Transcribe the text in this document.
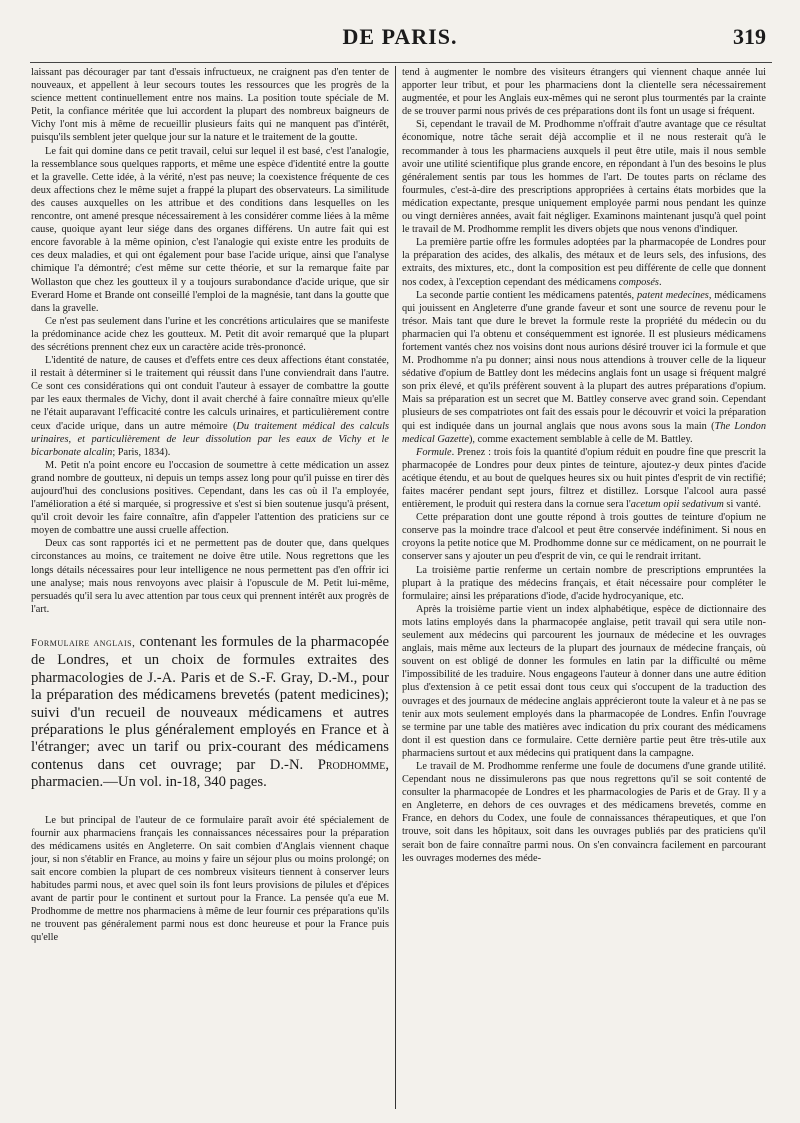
DE PARIS.	319

laissant pas décourager par tant d'essais infructueux, ne craignent pas d'en tenter de nouveaux, et appellent à leur secours toutes les ressources que les progrès de la science mettent continuellement entre nos mains. La position toute spéciale de M. Petit, la confiance méritée que lui accordent la plupart des nombreux baigneurs de Vichy l'ont mis à même de recueillir plusieurs faits qui ne manquent pas d'intérêt, puisqu'ils semblent jeter quelque jour sur la nature et le traitement de la goutte.

Le fait qui domine dans ce petit travail, celui sur lequel il est basé, c'est l'analogie, la ressemblance sous quelques rapports, et même une espèce d'identité entre la goutte et la gravelle. Cette idée, à la vérité, n'est pas neuve; la coexistence fréquente de ces deux affections chez le même sujet a frappé la plupart des observateurs. La similitude des causes auxquelles on les attribue et des conditions dans lesquelles on les rencontre, ont amené presque nécessairement à les considérer comme liées à la même cause, quoique ayant leur siége dans des organes différens. Un autre fait qui est encore favorable à la même opinion, c'est l'analogie qui existe entre les produits de ces deux maladies, et qui ont également pour base l'acide urique, ainsi que l'analyse chimique l'a démontré; c'est même sur cette théorie, et sur la remarque faite par Wollaston que chez les goutteux il y a toujours surabondance d'acide urique, que sir Everard Home et Brande ont conseillé l'emploi de la magnésie, tant dans la goutte que dans la gravelle.

Ce n'est pas seulement dans l'urine et les concrétions articulaires que se manifeste la prédominance acide chez les goutteux. M. Petit dit avoir remarqué que la plupart des sécrétions prennent chez eux un caractère acide très-prononcé.

L'identité de nature, de causes et d'effets entre ces deux affections étant constatée, il restait à déterminer si le traitement qui réussit dans l'une conviendrait dans l'autre. Ce sont ces considérations qui ont conduit l'auteur à essayer de combattre la goutte par les eaux thermales de Vichy, dont il avait cherché à faire connaître mieux qu'elle ne l'était auparavant l'efficacité contre les calculs urinaires, et particulièrement contre ceux d'acide urique, dans un autre mémoire (Du traitement médical des calculs urinaires, et particulièrement de leur dissolution par les eaux de Vichy et le bicarbonate alcalin; Paris, 1834).

M. Petit n'a point encore eu l'occasion de soumettre à cette médication un assez grand nombre de goutteux, ni depuis un temps assez long pour qu'il puisse en tirer dès aujourd'hui des conclusions positives. Cependant, dans les cas où il l'a employée, l'amélioration a été si marquée, si progressive et s'est si bien soutenue jusqu'à présent, qu'il croit devoir les faire connaître, afin d'appeler l'attention des praticiens sur ce moyen de combattre une aussi cruelle affection.

Deux cas sont rapportés ici et ne permettent pas de douter que, dans quelques circonstances au moins, ce traitement ne doive être utile. Nous regrettons que les longs détails nécessaires pour leur intelligence ne nous permettent pas d'en offrir ici une analyse; mais nous renvoyons avec plaisir à l'opuscule de M. Petit lui-même, persuadés qu'il sera lu avec attention par tous ceux qui prennent intérêt aux progrès de l'art.

Formulaire anglais, contenant les formules de la pharmacopée de Londres, et un choix de formules extraites des pharmacologies de J.-A. Paris et de S.-F. Gray, D.-M., pour la préparation des médicamens brevetés (patent medicines); suivi d'un recueil de nouveaux médicamens et autres préparations le plus généralement employés en France et à l'étranger; avec un tarif ou prix-courant des médicamens contenus dans cet ouvrage; par D.-N. Prodhomme, pharmacien.—Un vol. in-18, 340 pages.

Le but principal de l'auteur de ce formulaire paraît avoir été spécialement de fournir aux pharmaciens français les connaissances nécessaires pour la préparation des médicamens usités en Angleterre. On sait combien d'Anglais viennent chaque jour, si non s'établir en France, au moins y faire un séjour plus ou moins prolongé; on sait encore combien la plupart de ces nombreux visiteurs tiennent à conserver leurs habitudes parmi nous, et avec quel soin ils font leurs provisions de pilules et d'épices avant de partir pour le continent et surtout pour la France. La pensée qu'a eue M. Prodhomme de mettre nos pharmaciens à même de leur fournir ces préparations qu'ils ne trouvent pas généralement parmi nous est donc heureuse et pour la France puis qu'elle

tend à augmenter le nombre des visiteurs étrangers qui viennent chaque année lui apporter leur tribut, et pour les pharmaciens dont la clientelle sera nécessairement augmentée, et pour les Anglais eux-mêmes qui ne seront plus tourmentés par la crainte de se trouver parmi nous privés de ces préparations dont ils font un usage si fréquent.

Si, cependant le travail de M. Prodhomme n'offrait d'autre avantage que ce résultat économique, notre tâche serait déjà accomplie et il ne nous resterait qu'à le recommander à tous les pharmaciens auxquels il peut être utile, mais il nous semble avoir une utilité scientifique plus grande encore, en répondant à l'un des besoins le plus généralement sentis par tous les hommes de l'art. De toutes parts on réclame des fourmules, c'est-à-dire des prescriptions appropriées à certains états morbides que la médication expectante, presque uniquement employée parmi nous pendant les quinze ou vingt dernières années, avait fait négliger. Examinons maintenant jusqu'à quel point le travail de M. Prodhomme remplit les divers objets que nous venons d'indiquer.

La première partie offre les formules adoptées par la pharmacopée de Londres pour la préparation des acides, des alkalis, des métaux et de leurs sels, des infusions, des extraits, des mixtures, etc., dont la composition est peu différente de celle que donnent nos codex, à l'exception cependant des médicamens composés.

La seconde partie contient les médicamens patentés, patent medecines, médicamens qui jouissent en Angleterre d'une grande faveur et sont une source de revenu pour le trésor. Mais tant que dure le brevet la formule reste la propriété du médecin ou du pharmacien qui l'a obtenu et conséquemment est ignorée. Il est plusieurs médicamens fortement vantés chez nos voisins dont nous aurions désiré trouver ici la formule et que M. Prodhomme n'a pu donner; ainsi nous nous attendions à trouver celle de la liqueur sédative d'opium de Battley dont les médecins anglais font un usage si fréquent malgré son prix élevé, et qu'ils préfèrent souvent à la plupart des autres préparations d'opium. Mais sa préparation est un secret que M. Battley conserve avec grand soin. Cependant plusieurs de ses compatriotes ont fait des essais pour le découvrir et voici la préparation qui est indiquée dans un journal anglais que nous avons sous la main (The London medical Gazette), comme exactement semblable à celle de M. Battley.

Formule. Prenez : trois fois la quantité d'opium réduit en poudre fine que prescrit la pharmacopée de Londres pour deux pintes de teinture, ajoutez-y deux pintes d'acide acétique étendu, et au bout de quelques heures six ou huit pintes d'esprit de vin rectifié; faites macérer pendant sept jours, filtrez et distillez. Lorsque l'alcool aura passé entièrement, le produit qui restera dans la cornue sera l'acetum opii sedativum si vanté.

Cette préparation dont une goutte répond à trois gouttes de teinture d'opium ne conserve pas la moindre trace d'alcool et peut être conservée indéfiniment. Si nous en croyons la petite notice que M. Prodhomme donne sur ce médicament, on ne pourrait le conserver sans y ajouter un peu d'esprit de vin, ce qui le rendrait irritant.

La troisième partie renferme un certain nombre de prescriptions empruntées la plupart à la pratique des médecins français, et était nécessaire pour compléter le formulaire; ainsi les préparations d'iode, d'acide hydrocyanique, etc.

Après la troisième partie vient un index alphabétique, espèce de dictionnaire des mots latins employés dans la pharmacopée anglaise, petit travail qui sera utile non-seulement aux médecins qui parcourent les journaux de médecine et les ouvrages anglais, mais même aux lecteurs de la plupart des journaux de médecine français, où souvent on est obligé de donner les formules en latin par la difficulté ou même l'impossibilité de les traduire. Nous engageons l'auteur à donner dans une autre édition plus d'extension à ce petit essai dont tous ceux qui s'occupent de la traduction des ouvrages et des journaux de médecine anglais apprécieront toute la valeur et à ne pas se tenir aux mots seulement employés dans la pharmacopée de Londres. Enfin l'ouvrage se termine par une table des matières avec indication du prix courant des médicamens dont il est question dans ce formulaire. Cette dernière partie peut être très-utile aux pharmaciens surtout et aux médecins qui pratiquent dans la campagne.

Le travail de M. Prodhomme renferme une foule de documens d'une grande utilité. Cependant nous ne dissimulerons pas que nous regrettons qu'il se soit contenté de consulter la pharmacopée de Londres et les pharmacologies de Paris et de Gray. Il y a en Angleterre, en dehors de ces ouvrages et des médicamens brevetés, comme en France, en dehors du Codex, une foule de connaissances thérapeutiques, et que l'on trouve, soit dans les hôpitaux, soit dans les ouvrages publiés par des praticiens qu'il serait bon de faire connaître parmi nous. On s'en convaincra facilement en parcourant les ouvrages modernes des méde-
